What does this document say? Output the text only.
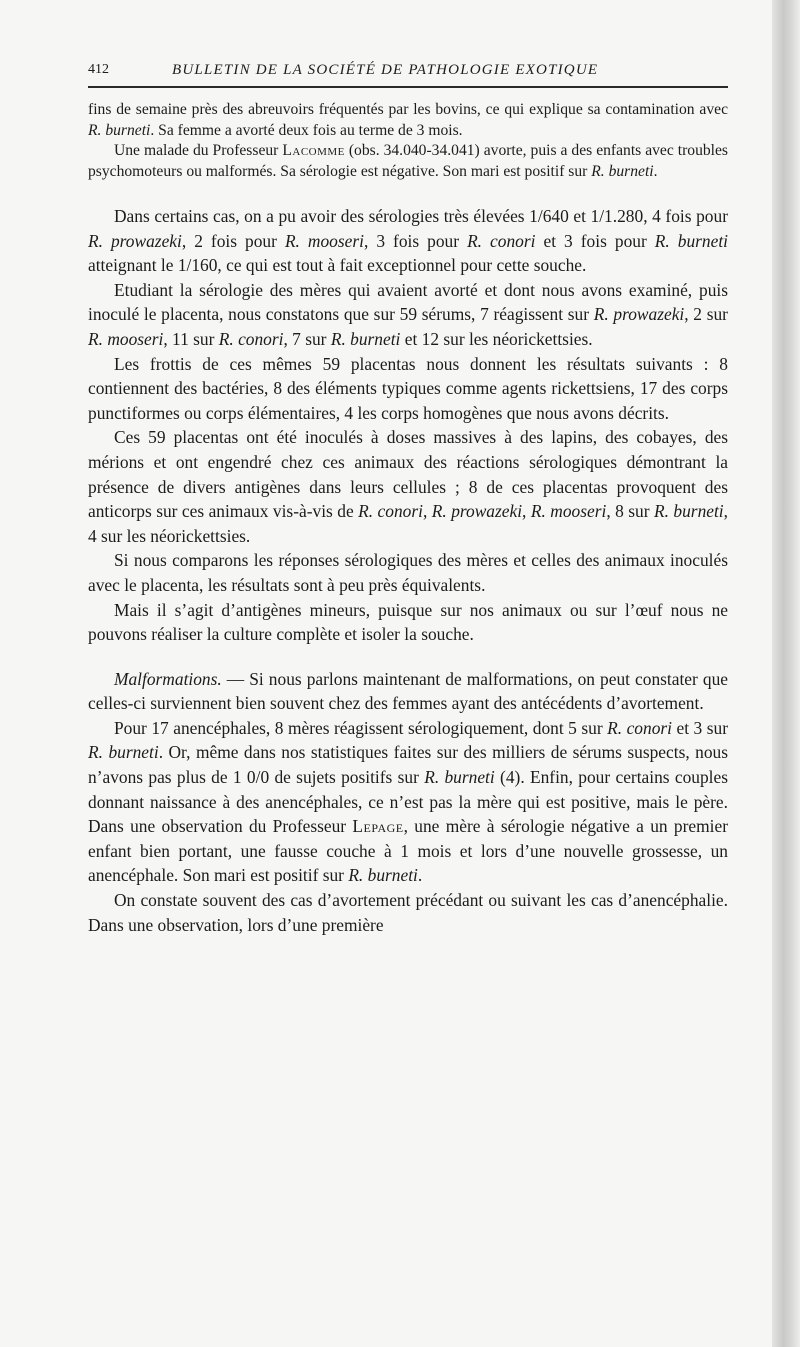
412	BULLETIN DE LA SOCIÉTÉ DE PATHOLOGIE EXOTIQUE

fins de semaine près des abreuvoirs fréquentés par les bovins, ce qui explique sa contamination avec R. burneti. Sa femme a avorté deux fois au terme de 3 mois.

Une malade du Professeur Lacomme (obs. 34.040-34.041) avorte, puis a des enfants avec troubles psychomoteurs ou malformés. Sa sérologie est négative. Son mari est positif sur R. burneti.

Dans certains cas, on a pu avoir des sérologies très élevées 1/640 et 1/1.280, 4 fois pour R. prowazeki, 2 fois pour R. mooseri, 3 fois pour R. conori et 3 fois pour R. burneti atteignant le 1/160, ce qui est tout à fait exceptionnel pour cette souche.

Etudiant la sérologie des mères qui avaient avorté et dont nous avons examiné, puis inoculé le placenta, nous constatons que sur 59 sérums, 7 réagissent sur R. prowazeki, 2 sur R. mooseri, 11 sur R. conori, 7 sur R. burneti et 12 sur les néorickettsies.

Les frottis de ces mêmes 59 placentas nous donnent les résultats suivants : 8 contiennent des bactéries, 8 des éléments typiques comme agents rickettsiens, 17 des corps punctiformes ou corps élémentaires, 4 les corps homogènes que nous avons décrits.

Ces 59 placentas ont été inoculés à doses massives à des lapins, des cobayes, des mérions et ont engendré chez ces animaux des réactions sérologiques démontrant la présence de divers antigènes dans leurs cellules ; 8 de ces placentas provoquent des anticorps sur ces animaux vis-à-vis de R. conori, R. prowazeki, R. mooseri, 8 sur R. burneti, 4 sur les néorickettsies.

Si nous comparons les réponses sérologiques des mères et celles des animaux inoculés avec le placenta, les résultats sont à peu près équivalents.

Mais il s’agit d’antigènes mineurs, puisque sur nos animaux ou sur l’œuf nous ne pouvons réaliser la culture complète et isoler la souche.

Malformations. — Si nous parlons maintenant de malformations, on peut constater que celles-ci surviennent bien souvent chez des femmes ayant des antécédents d’avortement.

Pour 17 anencéphales, 8 mères réagissent sérologiquement, dont 5 sur R. conori et 3 sur R. burneti. Or, même dans nos statistiques faites sur des milliers de sérums suspects, nous n’avons pas plus de 1 0/0 de sujets positifs sur R. burneti (4). Enfin, pour certains couples donnant naissance à des anencéphales, ce n’est pas la mère qui est positive, mais le père. Dans une observation du Professeur Lepage, une mère à sérologie négative a un premier enfant bien portant, une fausse couche à 1 mois et lors d’une nouvelle grossesse, un anencéphale. Son mari est positif sur R. burneti.

On constate souvent des cas d’avortement précédant ou suivant les cas d’anencéphalie. Dans une observation, lors d’une première
